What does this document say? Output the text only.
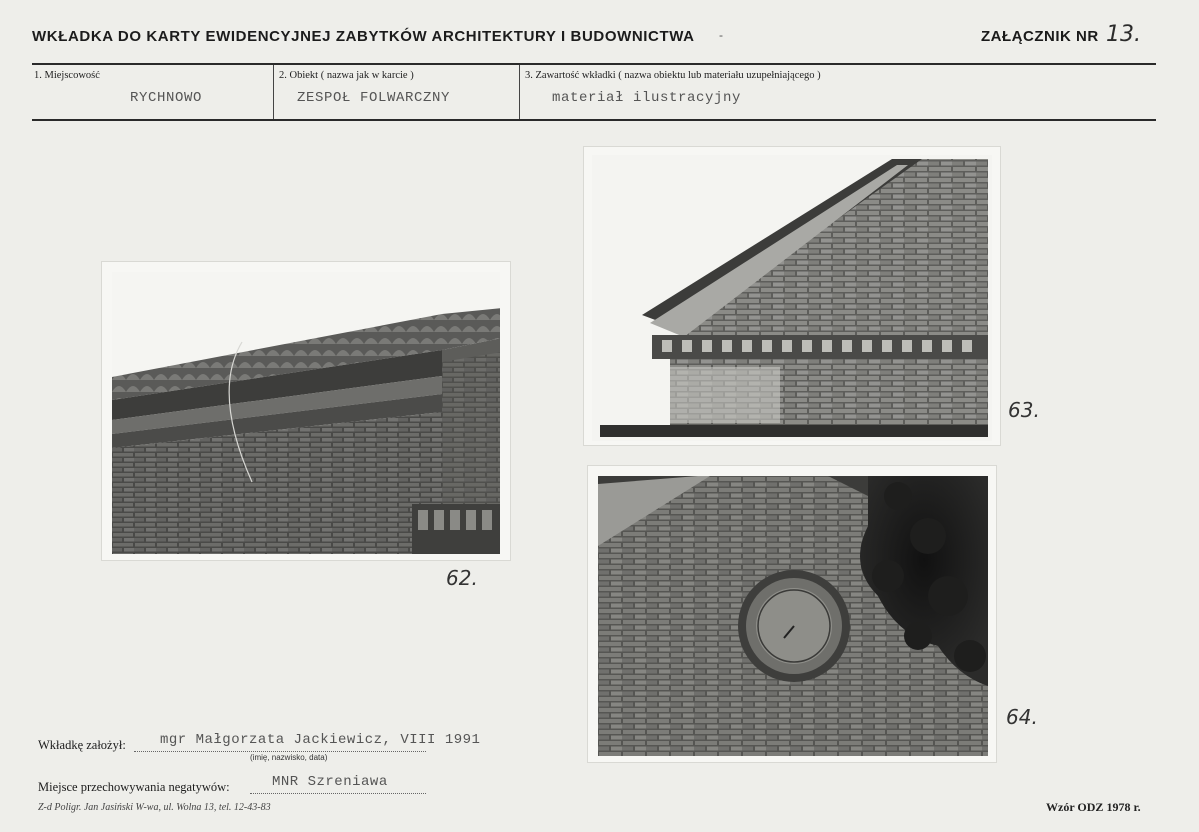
WKŁADKA DO KARTY EWIDENCYJNEJ ZABYTKÓW ARCHITEKTURY I BUDOWNICTWA -	ZAŁĄCZNIK NR 13.
1. Miejscowość
RYCHNOWO
2. Obiekt ( nazwa jak w karcie )
ZESPOŁ FOLWARCZNY
3. Zawartość wkładki ( nazwa obiektu lub materiału uzupełniającego )
materiał ilustracyjny
62.
63.
64.
Wkładkę założył: mgr Małgorzata Jackiewicz, VIII 1991
(imię, nazwisko, data)
Miejsce przechowywania negatywów:	MNR Szreniawa
Z-d Poligr. Jan Jasiński W-wa, ul. Wolna 13, tel. 12-43-83	Wzór ODZ 1978 r.
